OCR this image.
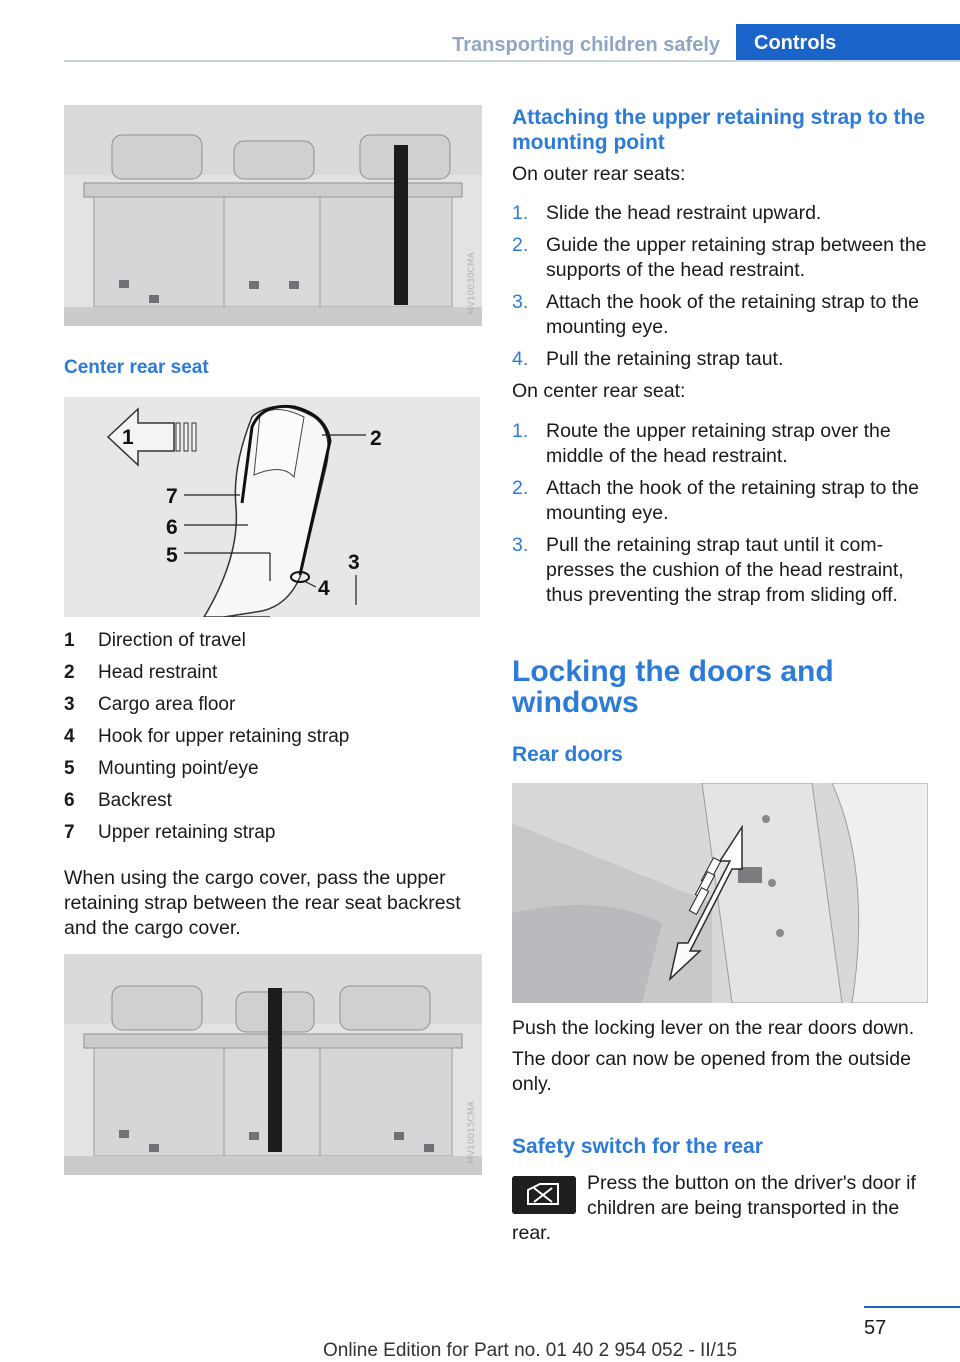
Transporting children safely	Controls
MV10030CMA
Center rear seat
1	2
3
4
5
6
7
1 Direction of travel
2 Head restraint
3 Cargo area floor
4 Hook for upper retaining strap
5 Mounting point/eye
6 Backrest
7 Upper retaining strap

When using the cargo cover, pass the upper retaining strap between the rear seat backrest and the cargo cover.

MV10015CMA
Attaching the upper retaining strap to the mounting point

On outer rear seats:

1. Slide the head restraint upward.
2. Guide the upper retaining strap between the supports of the head restraint.
3. Attach the hook of the retaining strap to the mounting eye.
4. Pull the retaining strap taut.

On center rear seat:

1. Route the upper retaining strap over the middle of the head restraint.
2. Attach the hook of the retaining strap to the mounting eye.
3. Pull the retaining strap taut until it com‐ presses the cushion of the head restraint, thus preventing the strap from sliding off.
Locking the doors and windows
Rear doors

Push the locking lever on the rear doors down.

The door can now be opened from the outside only.

Safety switch for the rear

Press the button on the driver's door if

children are being transported in the

rear.

57
Online Edition for Part no. 01 40 2 954 052 - II/15
